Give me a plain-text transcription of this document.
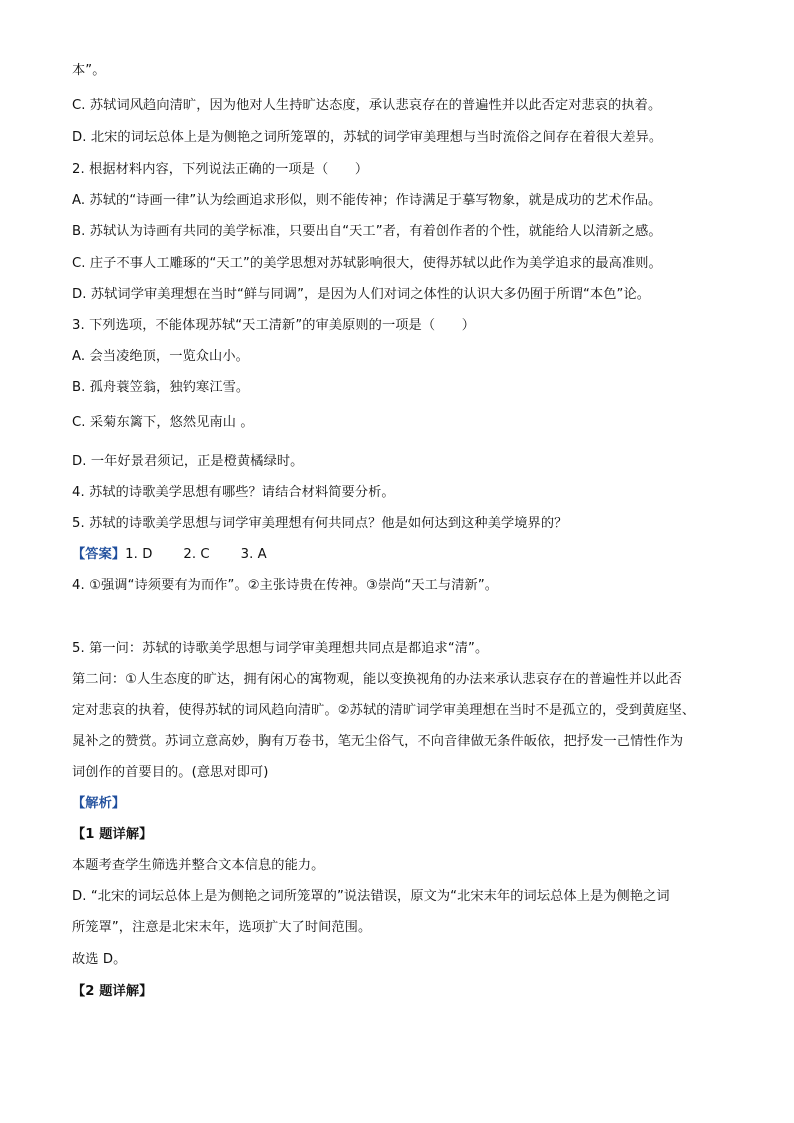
本”。
C. 苏轼词风趋向清旷，因为他对人生持旷达态度，承认悲哀存在的普遍性并以此否定对悲哀的执着。
D. 北宋的词坛总体上是为侧艳之词所笼罩的，苏轼的词学审美理想与当时流俗之间存在着很大差异。
2. 根据材料内容，下列说法正确的一项是（　　）
A. 苏轼的“诗画一律”认为绘画追求形似，则不能传神；作诗满足于摹写物象，就是成功的艺术作品。
B. 苏轼认为诗画有共同的美学标准，只要出自“天工”者，有着创作者的个性，就能给人以清新之感。
C. 庄子不事人工雕琢的“天工”的美学思想对苏轼影响很大，使得苏轼以此作为美学追求的最高准则。
D. 苏轼词学审美理想在当时“鲜与同调”，是因为人们对词之体性的认识大多仍囿于所谓“本色”论。
3. 下列选项，不能体现苏轼“天工清新”的审美原则的一项是（　　）
A. 会当凌绝顶，一览众山小。
B. 孤舟蓑笠翁，独钓寒江雪。
C. 采菊东篱下，悠然见南山 。
D. 一年好景君须记，正是橙黄橘绿时。
4. 苏轼的诗歌美学思想有哪些？请结合材料简要分析。
5. 苏轼的诗歌美学思想与词学审美理想有何共同点？他是如何达到这种美学境界的？
【答案】1. D　　 2. C　　 3. A
4. ①强调“诗须要有为而作”。②主张诗贵在传神。③崇尚“天工与清新”。
5. 第一问：苏轼的诗歌美学思想与词学审美理想共同点是都追求“清”。
第二问：①人生态度的旷达，拥有闲心的寓物观，能以变换视角的办法来承认悲哀存在的普遍性并以此否
定对悲哀的执着，使得苏轼的词风趋向清旷。②苏轼的清旷词学审美理想在当时不是孤立的，受到黄庭坚、
晁补之的赞赏。苏词立意高妙，胸有万卷书，笔无尘俗气，不向音律做无条件皈依，把抒发一己情性作为
词创作的首要目的。(意思对即可)
【解析】
【1 题详解】
本题考查学生筛选并整合文本信息的能力。
D. “北宋的词坛总体上是为侧艳之词所笼罩的”说法错误，原文为“北宋末年的词坛总体上是为侧艳之词
所笼罩”，注意是北宋末年，选项扩大了时间范围。
故选 D。
【2 题详解】
